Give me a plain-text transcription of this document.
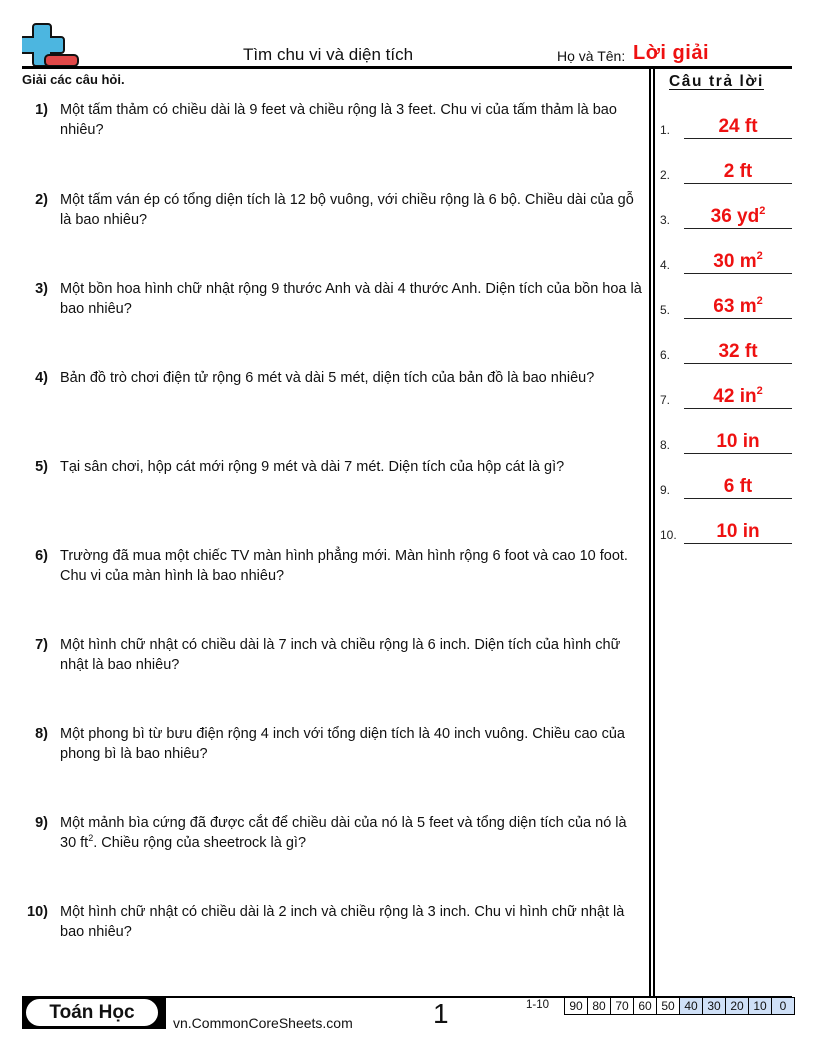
Tìm chu vi và diện tích	Họ và Tên: Lời giải
Giải các câu hỏi.
1) Một tấm thảm có chiều dài là 9 feet và chiều rộng là 3 feet. Chu vi của tấm thảm là bao nhiêu?
2) Một tấm ván ép có tổng diện tích là 12 bộ vuông, với chiều rộng là 6 bộ. Chiều dài của gỗ là bao nhiêu?
3) Một bồn hoa hình chữ nhật rộng 9 thước Anh và dài 4 thước Anh. Diện tích của bồn hoa là bao nhiêu?
4) Bản đồ trò chơi điện tử rộng 6 mét và dài 5 mét, diện tích của bản đồ là bao nhiêu?
5) Tại sân chơi, hộp cát mới rộng 9 mét và dài 7 mét. Diện tích của hộp cát là gì?
6) Trường đã mua một chiếc TV màn hình phẳng mới. Màn hình rộng 6 foot và cao 10 foot. Chu vi của màn hình là bao nhiêu?
7) Một hình chữ nhật có chiều dài là 7 inch và chiều rộng là 6 inch. Diện tích của hình chữ nhật là bao nhiêu?
8) Một phong bì từ bưu điện rộng 4 inch với tổng diện tích là 40 inch vuông. Chiều cao của phong bì là bao nhiêu?
9) Một mảnh bìa cứng đã được cắt để chiều dài của nó là 5 feet và tổng diện tích của nó là 30 $ft^2$. Chiều rộng của sheetrock là gì?
10) Một hình chữ nhật có chiều dài là 2 inch và chiều rộng là 3 inch. Chu vi hình chữ nhật là bao nhiêu?
Câu trả lời
1.	24 ft
2.	2 ft
3.	36 $yd^2$
4.	30 $m^2$
5.	63 $m^2$
6.	32 ft
7.	42 $in^2$
8.	10 in
9.	6 ft
10.	10 in
Toán Học	vn.CommonCoreSheets.com	1	1-10	90 80 70 60 50 40 30 20 10	0
